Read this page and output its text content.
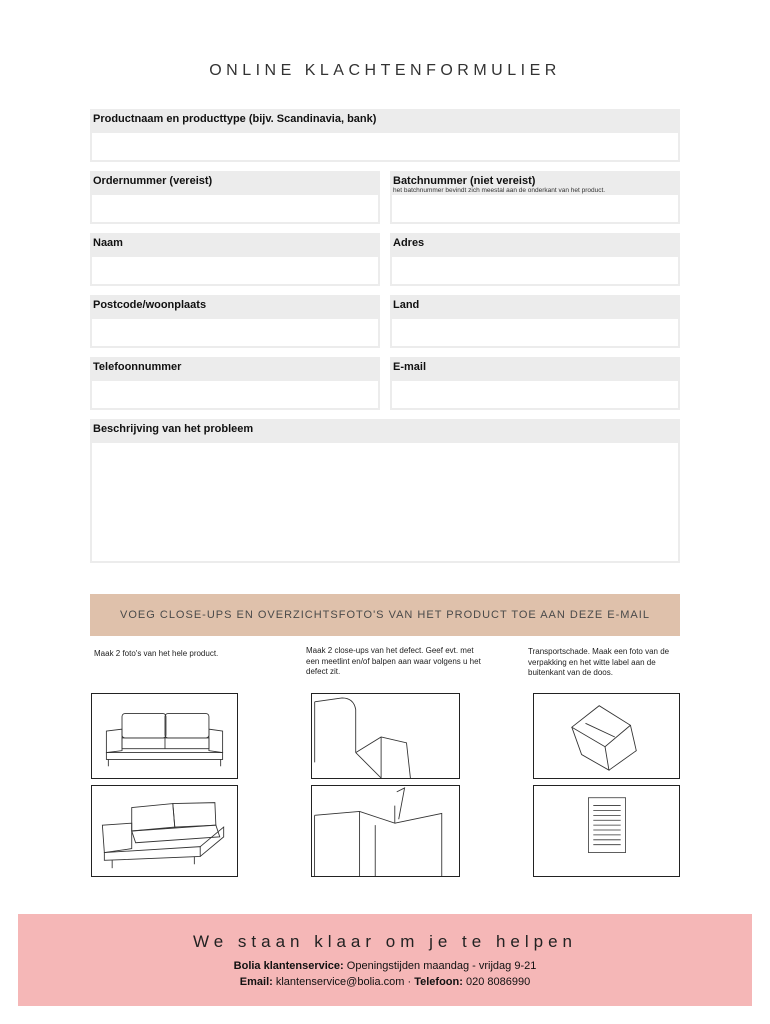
ONLINE KLACHTENFORMULIER
Productnaam en producttype (bijv. Scandinavia, bank)
Ordernummer (vereist)	Batchnummer (niet vereist)
het batchnummer bevindt zich meestal aan de onderkant van het product.
Naam	Adres
Postcode/woonplaats	Land
Telefoonnummer	E-mail
Beschrijving van het probleem
VOEG CLOSE-UPS EN OVERZICHTSFOTO'S VAN HET PRODUCT TOE AAN DEZE E-MAIL
Maak 2 foto's van het hele product.	Maak 2 close-ups van het defect. Geef evt. met een meetlint en/of balpen aan waar volgens u het defect zit.
Transportschade. Maak een foto van de verpakking en het witte label aan de buitenkant van de doos.
We staan klaar om je te helpen
Bolia klantenservice: Openingstijden maandag - vrijdag 9-21
Email: klantenservice@bolia.com · Telefoon: 020 8086990
